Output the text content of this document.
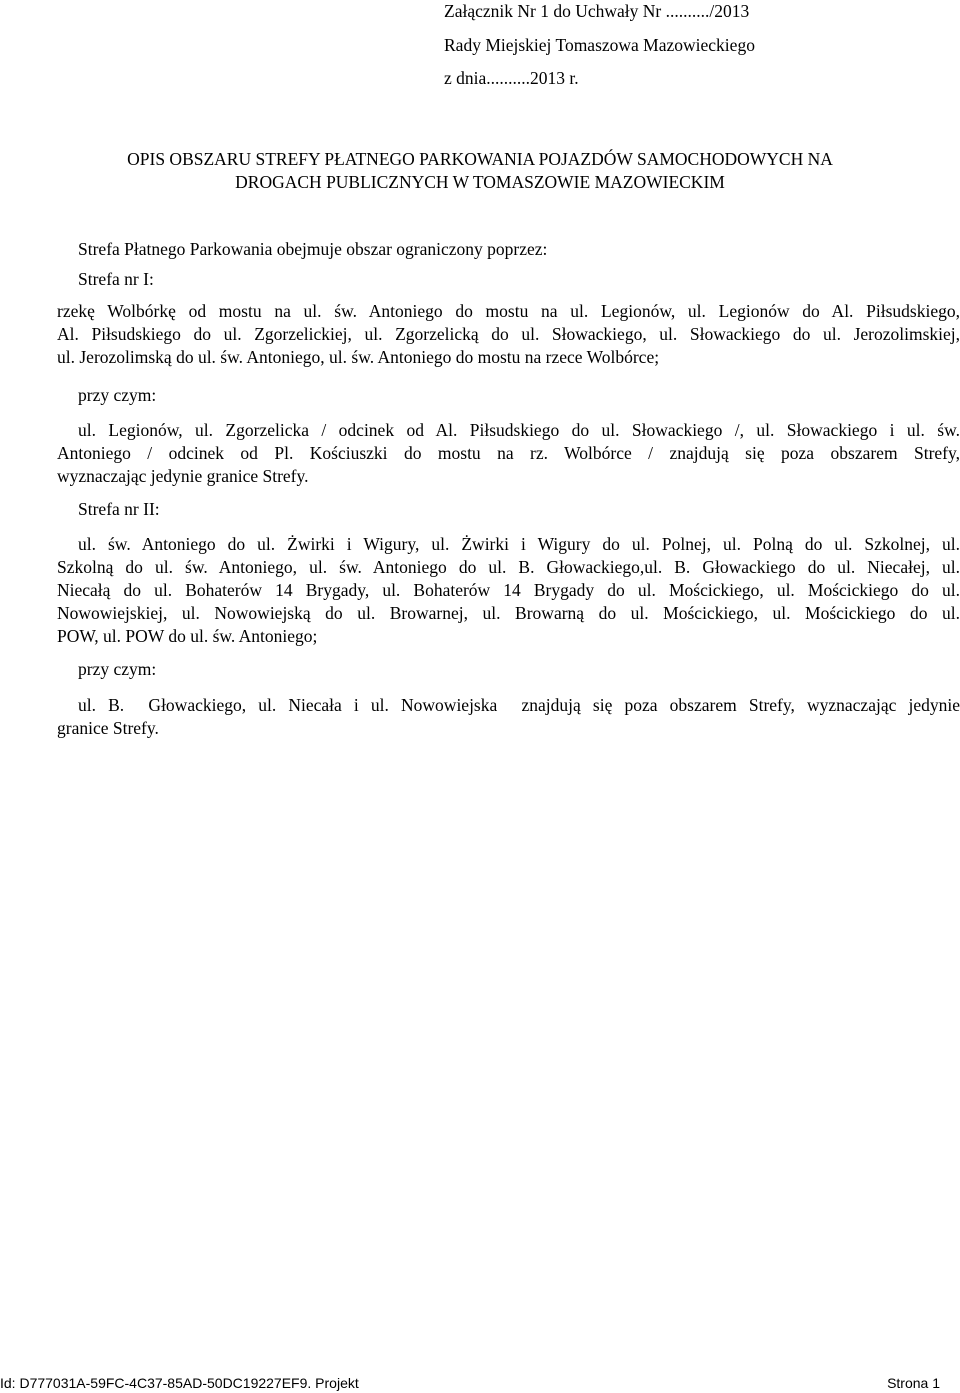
Załącznik Nr 1 do Uchwały Nr ........../2013
Rady Miejskiej Tomaszowa Mazowieckiego
z dnia..........2013 r.
OPIS OBSZARU STREFY PŁATNEGO PARKOWANIA POJAZDÓW SAMOCHODOWYCH NA
DROGACH PUBLICZNYCH W TOMASZOWIE MAZOWIECKIM
Strefa Płatnego Parkowania obejmuje obszar ograniczony poprzez:
Strefa nr I:
rzekę Wolbórkę od mostu na ul. św. Antoniego do mostu na ul. Legionów, ul. Legionów do Al. Piłsudskiego,
Al. Piłsudskiego do ul. Zgorzelickiej, ul. Zgorzelicką do ul. Słowackiego, ul. Słowackiego do ul. Jerozolimskiej,
ul. Jerozolimską do ul. św. Antoniego, ul. św. Antoniego do mostu na rzece Wolbórce;
przy czym:
ul. Legionów, ul. Zgorzelicka / odcinek od Al. Piłsudskiego do ul. Słowackiego /, ul. Słowackiego i ul. św.
Antoniego / odcinek od Pl. Kościuszki do mostu na rz. Wolbórce / znajdują się poza obszarem Strefy,
wyznaczając jedynie granice Strefy.
Strefa nr II:
ul. św. Antoniego do ul. Żwirki i Wigury, ul. Żwirki i Wigury do ul. Polnej, ul. Polną do ul. Szkolnej, ul.
Szkolną do ul. św. Antoniego, ul. św. Antoniego do ul. B. Głowackiego,ul. B. Głowackiego do ul. Niecałej, ul.
Niecałą do ul. Bohaterów 14 Brygady, ul. Bohaterów 14 Brygady do ul. Mościckiego, ul. Mościckiego do ul.
Nowowiejskiej, ul. Nowowiejską do ul. Browarnej, ul. Browarną do ul. Mościckiego, ul. Mościckiego do ul.
POW, ul. POW do ul. św. Antoniego;
przy czym:
ul. B.  Głowackiego, ul. Niecała i ul. Nowowiejska  znajdują się poza obszarem Strefy, wyznaczając jedynie
granice Strefy.
Id: D777031A-59FC-4C37-85AD-50DC19227EF9. Projekt	Strona 1
